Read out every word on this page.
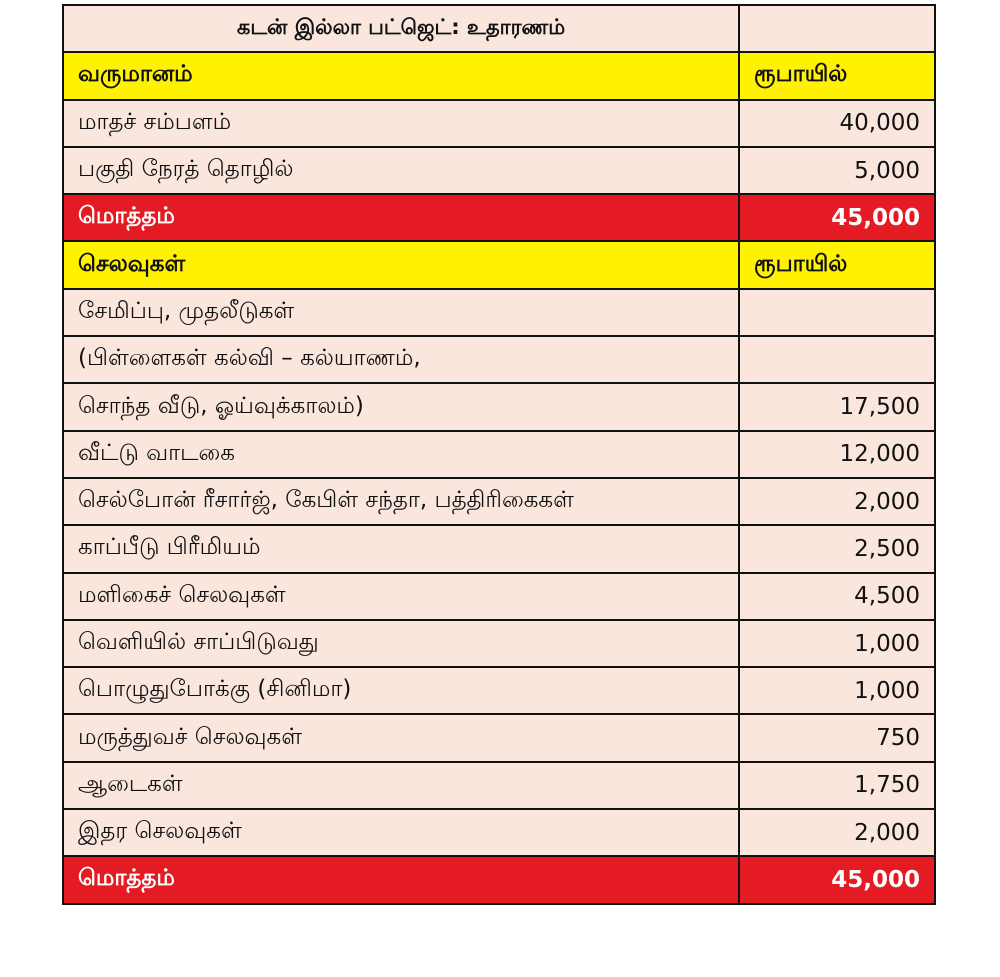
கடன் இல்லா பட்ஜெட்: உதாரணம்	
வருமானம்	ரூபாயில்
மாதச் சம்பளம்	40,000
பகுதி நேரத் தொழில்	5,000
மொத்தம்	45,000
செலவுகள்	ரூபாயில்
சேமிப்பு, முதலீடுகள்	
(பிள்ளைகள் கல்வி – கல்யாணம்,	
சொந்த வீடு, ஓய்வுக்காலம்)	17,500
வீட்டு வாடகை	12,000
செல்போன் ரீசார்ஜ், கேபிள் சந்தா, பத்திரிகைகள்	2,000
காப்பீடு பிரீமியம்	2,500
மளிகைச் செலவுகள்	4,500
வெளியில் சாப்பிடுவது	1,000
பொழுதுபோக்கு (சினிமா)	1,000
மருத்துவச் செலவுகள்	750
ஆடைகள்	1,750
இதர செலவுகள்	2,000
மொத்தம்	45,000
